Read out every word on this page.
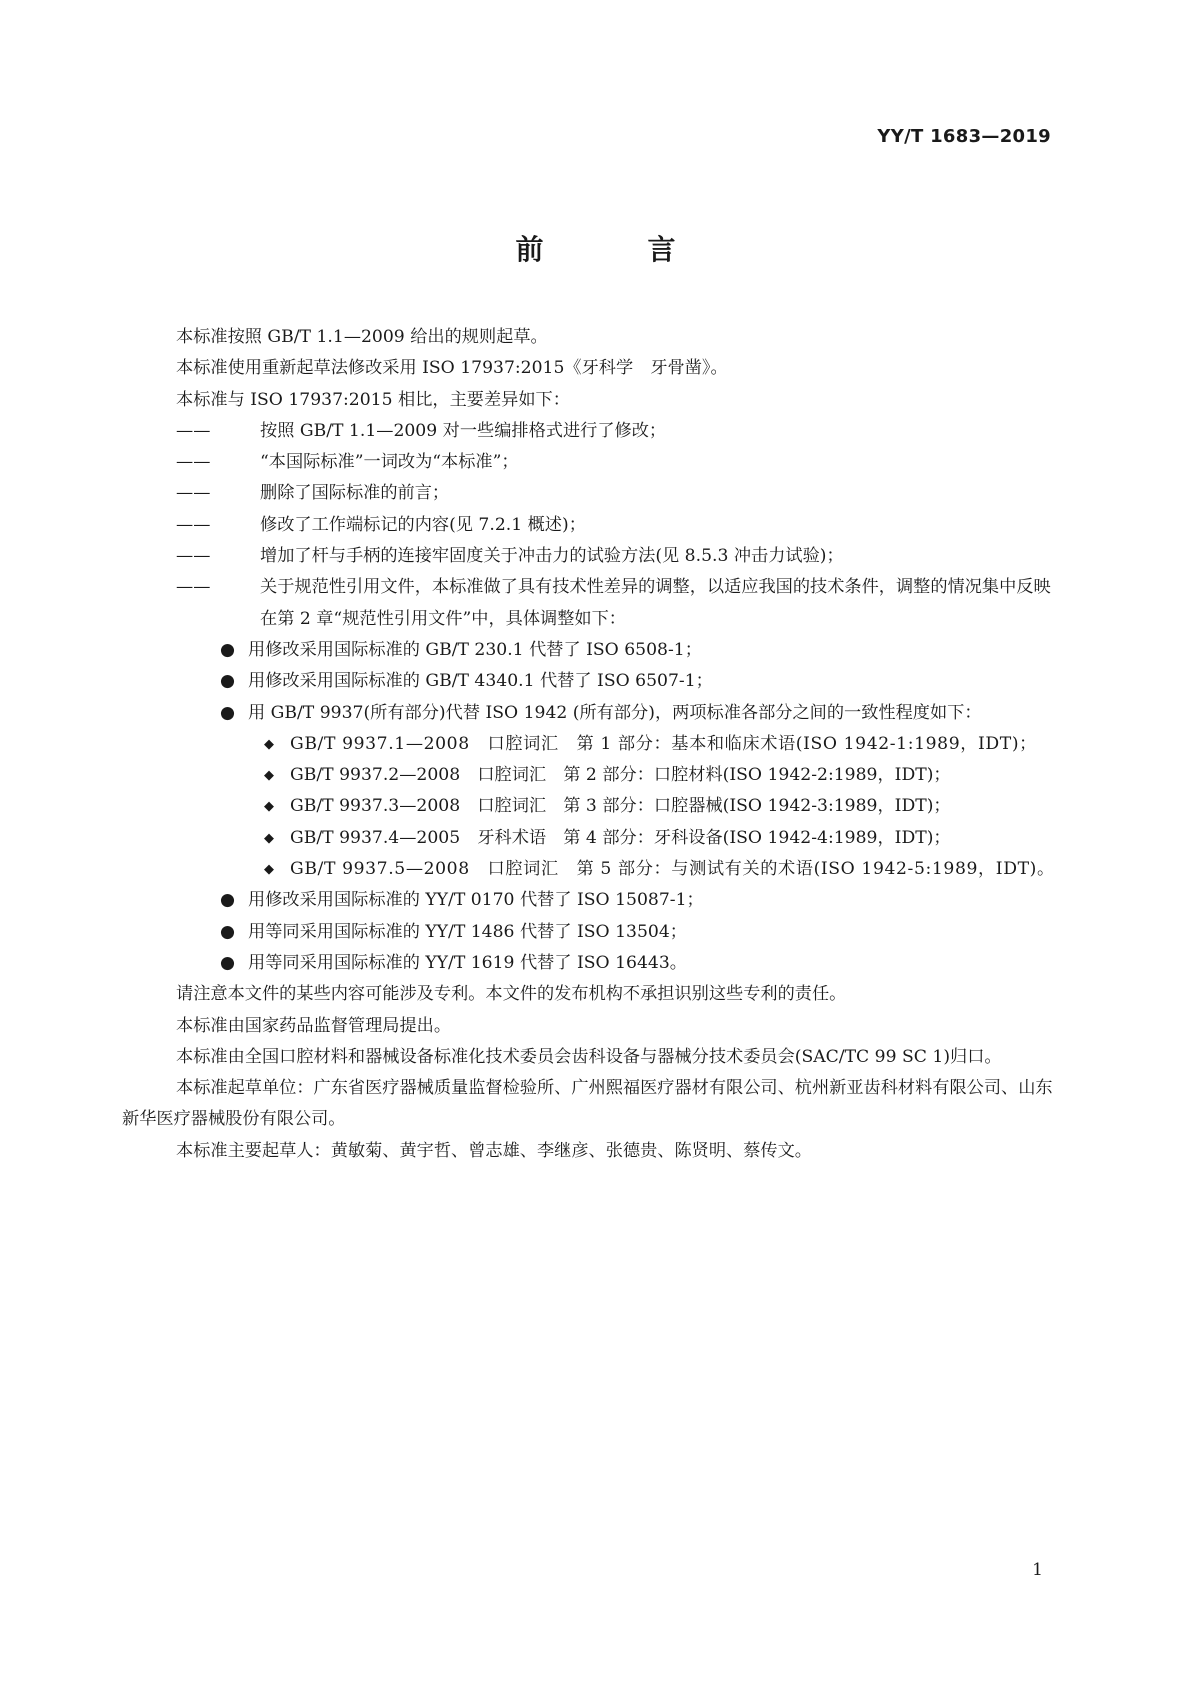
YY/T 1683—2019
前　言

本标准按照 GB/T 1.1—2009 给出的规则起草。

本标准使用重新起草法修改采用 ISO 17937:2015《牙科学　牙骨凿》。

本标准与 ISO 17937:2015 相比，主要差异如下：

——	按照 GB/T 1.1—2009 对一些编排格式进行了修改；

——	“本国际标准”一词改为“本标准”；

——	删除了国际标准的前言；

——	修改了工作端标记的内容(见 7.2.1 概述)；

——	增加了杆与手柄的连接牢固度关于冲击力的试验方法(见 8.5.3 冲击力试验)；

——	关于规范性引用文件，本标准做了具有技术性差异的调整，以适应我国的技术条件，调整的情况集中反映在第 2 章“规范性引用文件”中，具体调整如下：

● 用修改采用国际标准的 GB/T 230.1 代替了 ISO 6508-1；

● 用修改采用国际标准的 GB/T 4340.1 代替了 ISO 6507-1；

● 用 GB/T 9937(所有部分)代替 ISO 1942 (所有部分)，两项标准各部分之间的一致性程度如下：

◆ GB/T 9937.1—2008　口腔词汇　第 1 部分：基本和临床术语(ISO 1942-1:1989，IDT)；

◆ GB/T 9937.2—2008　口腔词汇　第 2 部分：口腔材料(ISO 1942-2:1989，IDT)；

◆ GB/T 9937.3—2008　口腔词汇　第 3 部分：口腔器械(ISO 1942-3:1989，IDT)；

◆ GB/T 9937.4—2005　牙科术语　第 4 部分：牙科设备(ISO 1942-4:1989，IDT)；

◆ GB/T 9937.5—2008　口腔词汇　第 5 部分：与测试有关的术语(ISO 1942-5:1989，IDT)。

● 用修改采用国际标准的 YY/T 0170 代替了 ISO 15087-1；

● 用等同采用国际标准的 YY/T 1486 代替了 ISO 13504；

● 用等同采用国际标准的 YY/T 1619 代替了 ISO 16443。

请注意本文件的某些内容可能涉及专利。本文件的发布机构不承担识别这些专利的责任。

本标准由国家药品监督管理局提出。

本标准由全国口腔材料和器械设备标准化技术委员会齿科设备与器械分技术委员会(SAC/TC 99 SC 1)归口。

本标准起草单位：广东省医疗器械质量监督检验所、广州熙福医疗器材有限公司、杭州新亚齿科材料有限公司、山东新华医疗器械股份有限公司。

本标准主要起草人：黄敏菊、黄宇哲、曾志雄、李继彦、张德贵、陈贤明、蔡传文。

1
